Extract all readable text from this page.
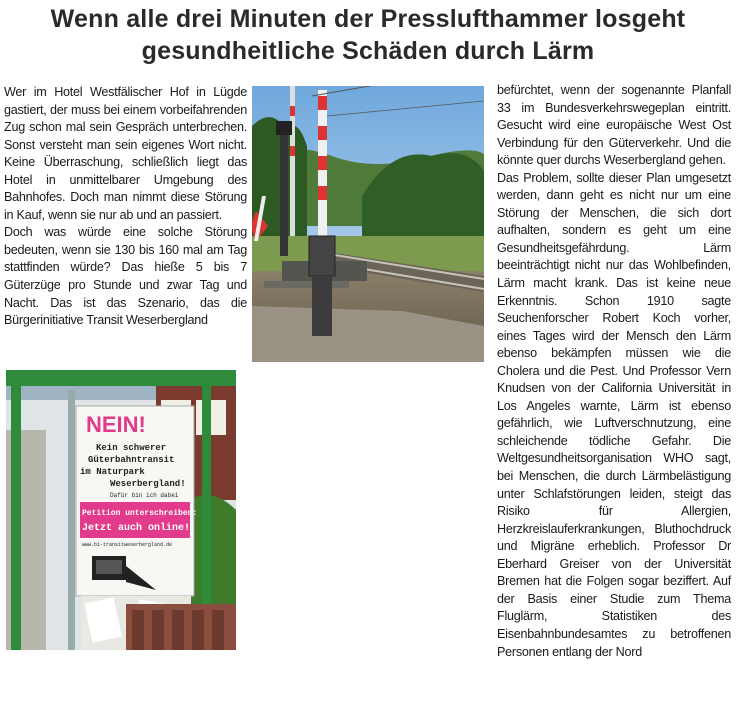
Wenn alle drei Minuten der Presslufthammer losgeht
gesundheitliche Schäden durch Lärm

Wer im Hotel Westfälischer Hof in Lügde gastiert, der muss bei einem vorbeifahrenden Zug schon mal sein Gespräch unterbrechen. Sonst versteht man sein eigenes Wort nicht. Keine Überraschung, schließlich liegt das Hotel in unmittelbarer Umgebung des Bahnhofes. Doch man nimmt diese Störung in Kauf, wenn sie nur ab und an passiert.

Doch was würde eine solche Störung bedeuten, wenn sie 130 bis 160 mal am Tag stattfinden würde? Das hieße 5 bis 7 Güterzüge pro Stunde und zwar Tag und Nacht. Das ist das Szenario, das die Bürgerinitiative Transit Weserbergland

befürchtet, wenn der sogenannte Planfall 33 im Bundesverkehrswegeplan eintritt. Gesucht wird eine europäische West Ost Verbindung für den Güterverkehr. Und die könnte quer durchs Weserbergland gehen.

Das Problem, sollte dieser Plan umgesetzt werden, dann geht es nicht nur um eine Störung der Menschen, die sich dort aufhalten, sondern es geht um eine Gesundheitsgefährdung. Lärm beeinträchtigt nicht nur das Wohlbefinden, Lärm macht krank. Das ist keine neue Erkenntnis. Schon 1910 sagte Seuchenforscher Robert Koch vorher, eines Tages wird der Mensch den Lärm ebenso bekämpfen müssen wie die Cholera und die Pest. Und Professor Vern Knudsen von der California Universität in Los Angeles warnte, Lärm ist ebenso gefährlich, wie Luftverschnutzung, eine schleichende tödliche Gefahr. Die Weltgesundheitsorganisation WHO sagt, bei Menschen, die durch Lärmbelästigung unter Schlafstörungen leiden, steigt das Risiko für Allergien, Herzkreislauferkrankungen, Bluthochdruck und Migräne erheblich. Professor Dr Eberhard Greiser von der Universität Bremen hat die Folgen sogar beziffert. Auf der Basis einer Studie zum Thema Fluglärm, Statistiken des Eisenbahnbundesamtes zu betroffenen Personen entlang der Nord

NEIN!
Kein schwerer
Güterbahntransit
im Naturpark
Weserbergland!
Dafür bin ich dabei
Petition unterschreiben:
Jetzt auch online!
www.bi-transitweserbergland.de
